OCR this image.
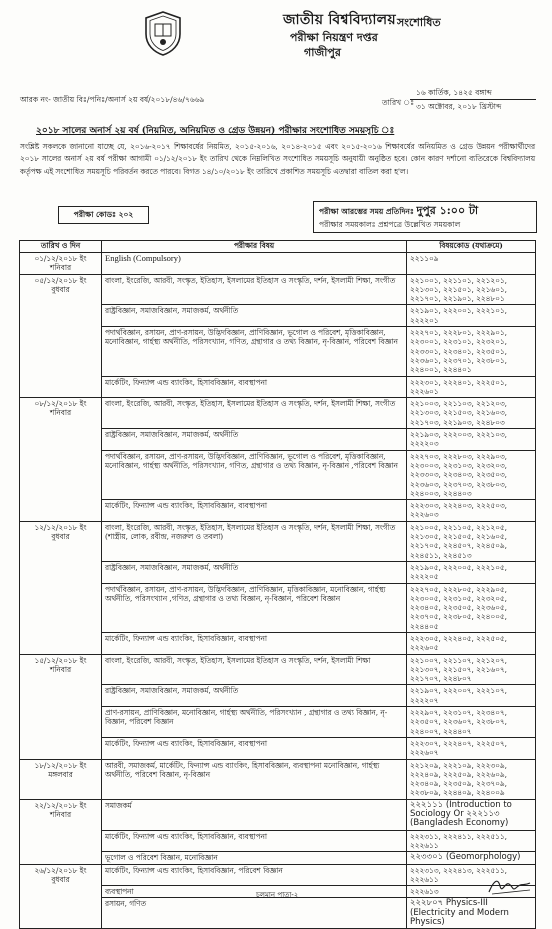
জাতীয় বিশ্ববিদ্যালয়
পরীক্ষা নিয়ন্ত্রণ দপ্তর
গাজীপুর
সংশোধিত
আরক নং- জাতীয় বিঃ/পনিঃ/অনার্স ২য় বর্ষ/২০১৮/৪৬/৭৬৬৯	তারিখ ঃ
১৬ কার্তিক, ১৪২৫ বঙ্গাব্দ
৩১ অক্টোবর, ২০১৮ খ্রিস্টাব্দ
২০১৮ সালের অনার্স ২য় বর্ষ (নিয়মিত, অনিয়মিত ও গ্রেড উন্নয়ন) পরীক্ষার সংশোধিত সময়সূচি ঃ
সংশ্লিষ্ট সকলকে জানানো যাচ্ছে যে, ২০১৬-২০১৭ শিক্ষাবর্ষের নিয়মিত, ২০১৫-২০১৬, ২০১৪-২০১৫ এবং ২০১৫-২০১৬ শিক্ষাবর্ষের অনিয়মিত ও গ্রেড উন্নয়ন পরীক্ষার্থীদের ২০১৮ সালের অনার্স ২য় বর্ষ পরীক্ষা আগামী ০১/১২/২০১৮ ইং তারিখ থেকে নিম্নলিখিত সংশোধিত সময়সূচি অনুযায়ী অনুষ্ঠিত হবে। কোন কারণ দর্শানো ব্যতিরেকে বিশ্ববিদ্যালয় কর্তৃপক্ষ এই সংশোধিত সময়সূচি পরিবর্তন করতে পারবে। বিগত ১৪/১০/২০১৮ ইং তারিখে প্রকাশিত সময়সূচি এতদ্বারা বাতিল করা হ'ল।
পরীক্ষা কোডঃ ২০২	পরীক্ষা আরম্ভের সময় প্রতিদিনঃ দুপুর ১:০০ টা
পরীক্ষার সময়কালঃ প্রশ্নপত্রে উল্লেখিত সময়কাল
তারিখ ও দিন	পরীক্ষার বিষয়	বিষয়কোড (যথাক্রমে)

০১/১২/২০১৮ ইং
শনিবার	English (Compulsory)	২২১১০৯

০৫/১২/২০১৮ ইং
বুধবার	বাংলা, ইংরেজি, আরবী, সংস্কৃত, ইতিহাস, ইসলামের ইতিহাস ও সংস্কৃতি, দর্শন, ইসলামী শিক্ষা, সংগীত	২২১০০১, ২২১১০১, ২২১২০১, ২২১৩০১, ২২১৫০১, ২২১৬০১, ২২১৭০১, ২২১৯০১, ২২৪৮০১
	রাষ্ট্রবিজ্ঞান, সমাজবিজ্ঞান, সমাজকর্ম, অর্থনীতি	২২১৯০১, ২২২০০১, ২২২১০১, ২২২২০১
	পদার্থবিজ্ঞান, রসায়ন, প্রাণ-রসায়ন, উদ্ভিদবিজ্ঞান, প্রাণিবিজ্ঞান, ভূগোল ও পরিবেশ, মৃত্তিকাবিজ্ঞান, মনোবিজ্ঞান, গার্হস্থ্য অর্থনীতি, পরিসংখ্যান, গণিত, গ্রন্থাগার ও তথ্য বিজ্ঞান, নৃ-বিজ্ঞান, পরিবেশ বিজ্ঞান	২২২৭০১, ২২২৮০১, ২২২৯০১, ২২৩০০১, ২২৩১০১, ২২৩২০১, ২২৩৩০১, ২২৩৪০১, ২২৩৫০১, ২২৩৬০১, ২২৩৭০১, ২২৩৮০১, ২২৪০০১, ২২৪৪০১
	মার্কেটিং, ফিন্যান্স এন্ড ব্যাংকিং, হিসাববিজ্ঞান, ব্যবস্থাপনা	২২২৩০১, ২২২৪০১, ২২২৫০১, ২২২৬০১

০৮/১২/২০১৮ ইং
শনিবার	বাংলা, ইংরেজি, আরবী, সংস্কৃত, ইতিহাস, ইসলামের ইতিহাস ও সংস্কৃতি, দর্শন, ইসলামী শিক্ষা, সংগীত	২২১০০৩, ২২১১০৩, ২২১২০৩, ২২১৩০৩, ২২১৫০৩, ২২১৬০৩, ২২১৭০৩, ২২১৯০৩, ২২৪৮০৩
	রাষ্ট্রবিজ্ঞান, সমাজবিজ্ঞান, সমাজকর্ম, অর্থনীতি	২২১৯০৩, ২২২০০৩, ২২২১০৩, ২২২২০৩
	পদার্থবিজ্ঞান, রসায়ন, প্রাণ-রসায়ন, উদ্ভিদবিজ্ঞান, প্রাণিবিজ্ঞান, ভূগোল ও পরিবেশ, মৃত্তিকাবিজ্ঞান, মনোবিজ্ঞান, গার্হস্থ্য অর্থনীতি, পরিসংখ্যান, গণিত, গ্রন্থাগার ও তথ্য বিজ্ঞান, নৃ-বিজ্ঞান ,পরিবেশ বিজ্ঞান	২২২৭০৩, ২২২৮০৩, ২২২৯০৩, ২২৩০০৩, ২২৩১০৩, ২২৩২০৩, ২২৩৩০৩, ২২৩৪০৩, ২২৩৫০৩, ২২৩৬০৩, ২২৩৭০৩, ২২৩৮০৩, ২২৪০০৩, ২২৪৪০৩
	মার্কেটিং, ফিন্যান্স এন্ড ব্যাংকিং, হিসাববিজ্ঞান, ব্যবস্থাপনা	২২২৩০৩, ২২২৪০৩, ২২২৫০৩, ২২২৬০৩

১২/১২/২০১৮ ইং
বুধবার	বাংলা, ইংরেজি, আরবী, সংস্কৃত, ইতিহাস, ইসলামের ইতিহাস ও সংস্কৃতি, দর্শন, ইসলামী শিক্ষা, সংগীত (শাস্ত্রীয়, লোক, রবীন্দ্র, নজরুল ও তবলা)	২২১০০৫, ২২১১০৫, ২২১২০৫, ২২১৩০৫, ২২১৫০৫, ২২১৬০৫, ২২১৭০৫, ২২৪৫০৭, ২২৪৫০৯, ২২৪৫১১, ২২৪৫১৩
	রাষ্ট্রবিজ্ঞান, সমাজবিজ্ঞান, সমাজকর্ম, অর্থনীতি	২২১৯০৫, ২২২০০৫, ২২২১০৫, ২২২২০৫
	পদার্থবিজ্ঞান, রসায়ন, প্রাণ-রসায়ন, উদ্ভিদবিজ্ঞান, প্রাণিবিজ্ঞান, মৃত্তিকাবিজ্ঞান, মনোবিজ্ঞান, গার্হস্থ্য অর্থনীতি, পরিসংখ্যান ,গণিত, গ্রন্থাগার ও তথ্য বিজ্ঞান, নৃ-বিজ্ঞান, পরিবেশ বিজ্ঞান	২২২৭০৫, ২২২৮০৫, ২২২৯০৫, ২২৩০০৫, ২২৩১০৫, ২২৩২০৫, ২২৩৪০৫, ২২৩৫০৫, ২২৩৬০৫, ২২৩৭০৫, ২২৩৮০৫, ২২৪০০৫, ২২৪৪০৫
	মার্কেটিং, ফিন্যান্স এন্ড ব্যাংকিং, হিসাববিজ্ঞান, ব্যবস্থাপনা	২২২৩০৫, ২২২৪০৫, ২২২৫০৫, ২২২৬০৫

১৫/১২/২০১৮ ইং
শনিবার	বাংলা, ইংরেজি, আরবী, সংস্কৃত, ইতিহাস, ইসলামের ইতিহাস ও সংস্কৃতি, দর্শন, ইসলামী শিক্ষা	২২১০০৭, ২২১১০৭, ২২১২০৭, ২২১৩০৭, ২২১৫০৭, ২২১৬০৭, ২২১৭০৭, ২২৪৮০৭
	রাষ্ট্রবিজ্ঞান, সমাজবিজ্ঞান, সমাজকর্ম, অর্থনীতি	২২১৯০৭, ২২২০০৭, ২২২১০৭, ২২২২০৭
	প্রাণ-রসায়ন, প্রাণিবিজ্ঞান, মনোবিজ্ঞান, গার্হস্থ্য অর্থনীতি, পরিসংখ্যান , গ্রন্থাগার ও তথ্য বিজ্ঞান, নৃ-বিজ্ঞান, পরিবেশ বিজ্ঞান	২২২৯০৭, ২২৩১০৭, ২২৩৪০৭, ২২৩৫০৭, ২২৩৬০৭, ২২৩৮০৭, ২২৪০০৭, ২২৪৪০৭
	মার্কেটিং, ফিন্যান্স এন্ড ব্যাংকিং, হিসাববিজ্ঞান, ব্যবস্থাপনা	২২২৩০৭, ২২২৪০৭, ২২২৫০৭, ২২২৬০৭

১৮/১২/২০১৮ ইং
মঙ্গলবার	আরবী, সমাজকর্ম, মার্কেটিং, ফিন্যান্স এন্ড ব্যাংকিং, হিসাববিজ্ঞান, ব্যবস্থাপনা মনোবিজ্ঞান, গার্হস্থ্য অর্থনীতি, পরিবেশ বিজ্ঞান, নৃ-বিজ্ঞান	২২১২০৯, ২২২১০৯, ২২২৩০৯, ২২২৪০৯, ২২২৫০৯, ২২২৬০৯, ২২৩৪০৯, ২২৩৫০৯, ২২৩৭০৯, ২২৩৮০৯, ২২৪৪০৯, ২২৪০০৯

২২/১২/২০১৮ ইং
শনিবার	সমাজকর্ম	২২২১১১ (Introduction to Sociology Or ২২২১১৩ (Bangladesh Economy)
	মার্কেটিং, ফিন্যান্স এন্ড ব্যাংকিং, হিসাববিজ্ঞান, ব্যবস্থাপনা	২২২৩১১, ২২২৪১১, ২২২৫১১, ২২২৬১১
	ভূগোল ও পরিবেশ বিজ্ঞান, মনোবিজ্ঞান	২২৩৩০১ (Geomorphology)

২৬/১২/২০১৮ ইং
বুধবার	মার্কেটিং, ফিন্যান্স এন্ড ব্যাংকিং, হিসাববিজ্ঞান, পরিবেশ বিজ্ঞান	২২২৩১৩, ২২২৪১৩, ২২২৫১১, ২২২৬১১
	ব্যবস্থাপনা	২২২৬১৩
	রসায়ন, গণিত	২২২৮০৭ Physics-III (Electricity and Modern Physics)
চলমান পাতা-২
